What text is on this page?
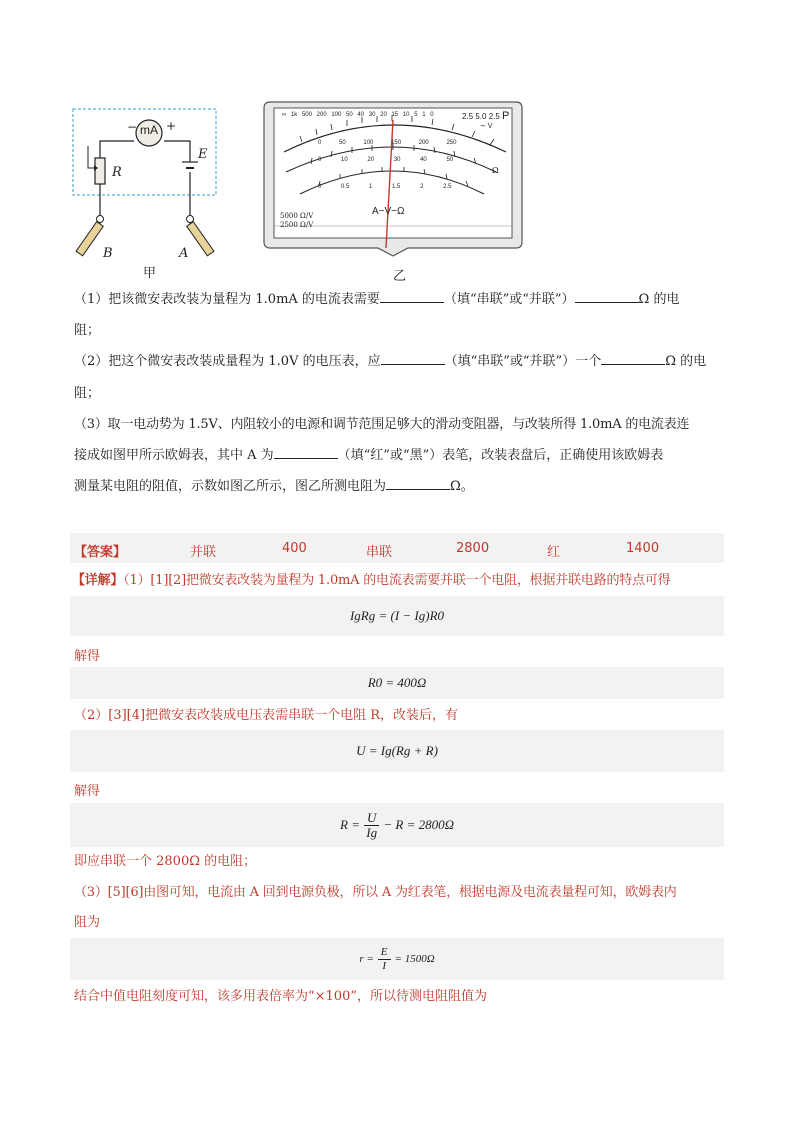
mA
− +
R
E
B	A
甲
∞ 1k 500 200 100 50 40 30 20 15 10 5 1 0	2.5 5.0 2.5 P
∼ V
0	50	100	150	200	250
0	10	20	30	40	50
0	0.5	1	1.5	2	2.5
Ω
A−V−Ω
5000 Ω/V
2500 Ω/V
乙
（1）把该微安表改装为量程为 1.0mA 的电流表需要	（填“串联”或“并联”）	Ω 的电
阻；
（2）把这个微安表改装成量程为 1.0V 的电压表，应	（填“串联”或“并联”）一个	Ω 的电
阻；
（3）取一电动势为 1.5V、内阻较小的电源和调节范围足够大的滑动变阻器，与改装所得 1.0mA 的电流表连
接成如图甲所示欧姆表，其中 A 为	（填“红”或“黑”）表笔，改装表盘后，正确使用该欧姆表
测量某电阻的阻值，示数如图乙所示，图乙所测电阻为	Ω。
【答案】	并联	400	串联	2800	红	1400
【详解】（1）[1][2]把微安表改装为量程为 1.0mA 的电流表需要并联一个电阻，根据并联电路的特点可得
IgRg = (I − Ig)R0
解得
R0 = 400Ω
（2）[3][4]把微安表改装成电压表需串联一个电阻 R，改装后，有
U = Ig(Rg + R)
解得
$R = \frac{U}{Ig} - R = 2800\Omega$
即应串联一个 2800Ω 的电阻；
（3）[5][6]由图可知，电流由 A 回到电源负极，所以 A 为红表笔，根据电源及电流表量程可知，欧姆表内
阻为
$r = \frac{E}{I} = 1500\Omega$
结合中值电阻刻度可知，该多用表倍率为“×100”，所以待测电阻阻值为
